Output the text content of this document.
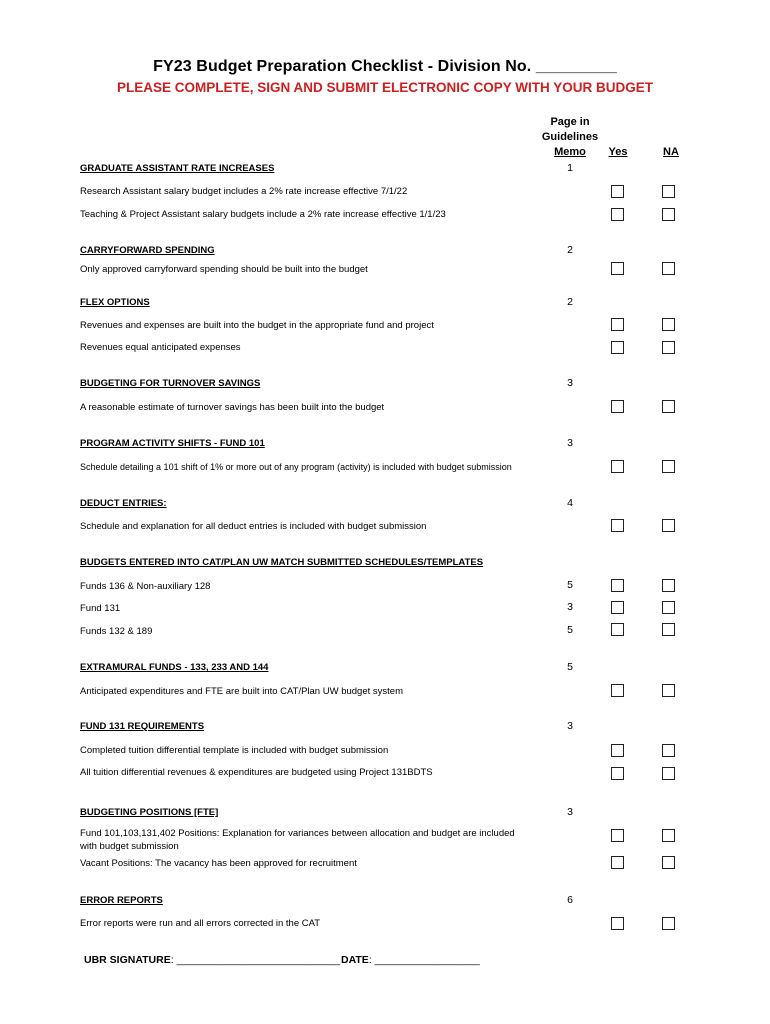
FY23 Budget Preparation Checklist - Division No. _________
PLEASE COMPLETE, SIGN AND SUBMIT ELECTRONIC COPY WITH YOUR BUDGET
Page in
Guidelines
Memo	Yes	NA
GRADUATE ASSISTANT RATE INCREASES	1
Research Assistant salary budget includes a 2% rate increase effective 7/1/22
Teaching & Project Assistant salary budgets include a 2% rate increase effective 1/1/23
CARRYFORWARD SPENDING	2
Only approved carryforward spending should be built into the budget
FLEX OPTIONS	2
Revenues and expenses are built into the budget in the appropriate fund and project
Revenues equal anticipated expenses
BUDGETING FOR TURNOVER SAVINGS	3
A reasonable estimate of turnover savings has been built into the budget
PROGRAM ACTIVITY SHIFTS - FUND 101	3
Schedule detailing a 101 shift of 1% or more out of any program (activity) is included with budget submission
DEDUCT ENTRIES:	4
Schedule and explanation for all deduct entries is included with budget submission
BUDGETS ENTERED INTO CAT/PLAN UW MATCH SUBMITTED SCHEDULES/TEMPLATES
Funds 136 & Non-auxiliary 128	5
Fund 131	3
Funds 132 & 189	5
EXTRAMURAL FUNDS - 133, 233 AND 144	5
Anticipated expenditures and FTE are built into CAT/Plan UW budget system
FUND 131 REQUIREMENTS	3
Completed tuition differential template is included with budget submission
All tuition differential revenues & expenditures are budgeted using Project 131BDTS
BUDGETING POSITIONS [FTE]	3
Fund 101,103,131,402 Positions: Explanation for variances between allocation and budget are included with budget submission
Vacant Positions: The vacancy has been approved for recruitment
ERROR REPORTS	6
Error reports were run and all errors corrected in the CAT
UBR SIGNATURE: ____________________________ DATE: __________________
